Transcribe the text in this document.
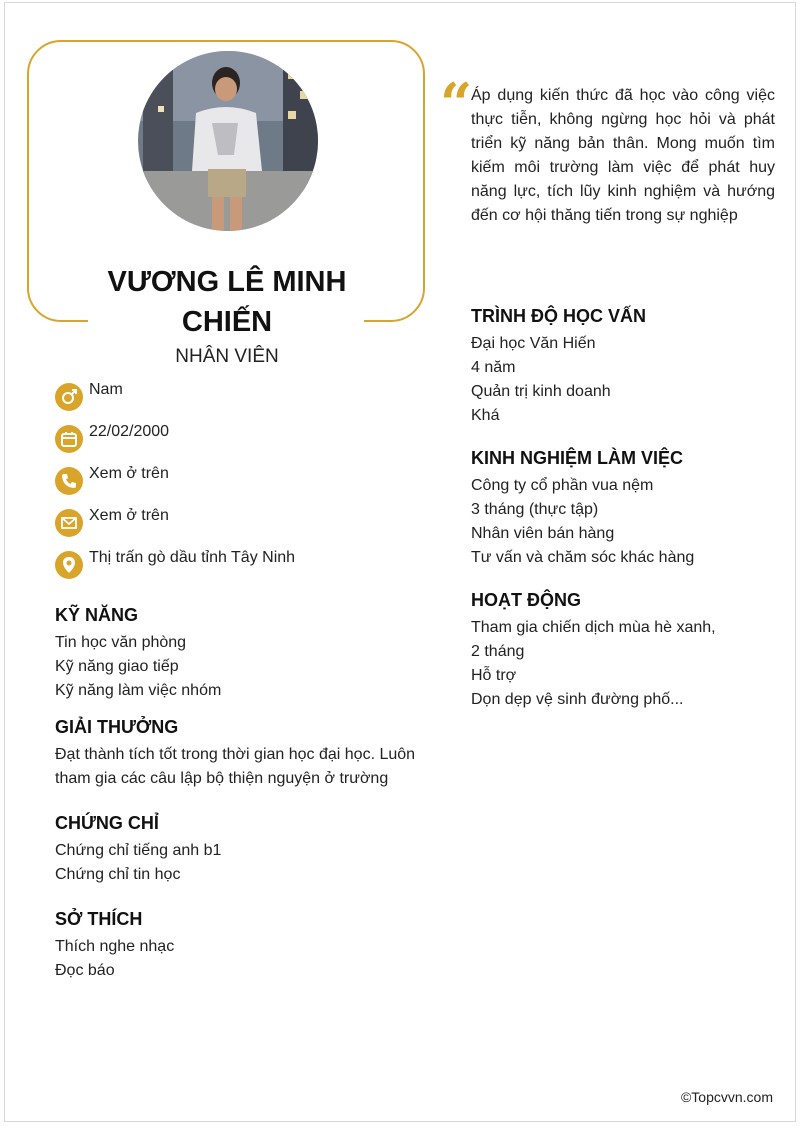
VƯƠNG LÊ MINH CHIẾN
NHÂN VIÊN
Nam
22/02/2000
Xem ở trên
Xem ở trên
Thị trấn gò dầu tỉnh Tây Ninh
KỸ NĂNG

Tin học văn phòng

Kỹ năng giao tiếp

Kỹ năng làm việc nhóm

GIẢI THƯỞNG

Đạt thành tích tốt trong thời gian học đại học. Luôn tham gia các câu lập bộ thiện nguyện ở trường

CHỨNG CHỈ

Chứng chỉ tiếng anh b1

Chứng chỉ tin học

SỞ THÍCH

Thích nghe nhạc

Đọc báo

“
Áp dụng kiến thức đã học vào công việc thực tiễn, không ngừng học hỏi và phát triển kỹ năng bản thân. Mong muốn tìm kiếm môi trường làm việc để phát huy năng lực, tích lũy kinh nghiệm và hướng đến cơ hội thăng tiến trong sự nghiệp
TRÌNH ĐỘ HỌC VẤN

Đại học Văn Hiến

4 năm

Quản trị kinh doanh

Khá

KINH NGHIỆM LÀM VIỆC

Công ty cổ phần vua nệm

3 tháng (thực tập)

Nhân viên bán hàng

Tư vấn và chăm sóc khác hàng

HOẠT ĐỘNG

Tham gia chiến dịch mùa hè xanh,

2 tháng

Hỗ trợ

Dọn dẹp vệ sinh đường phố...

©Topcvvn.com
